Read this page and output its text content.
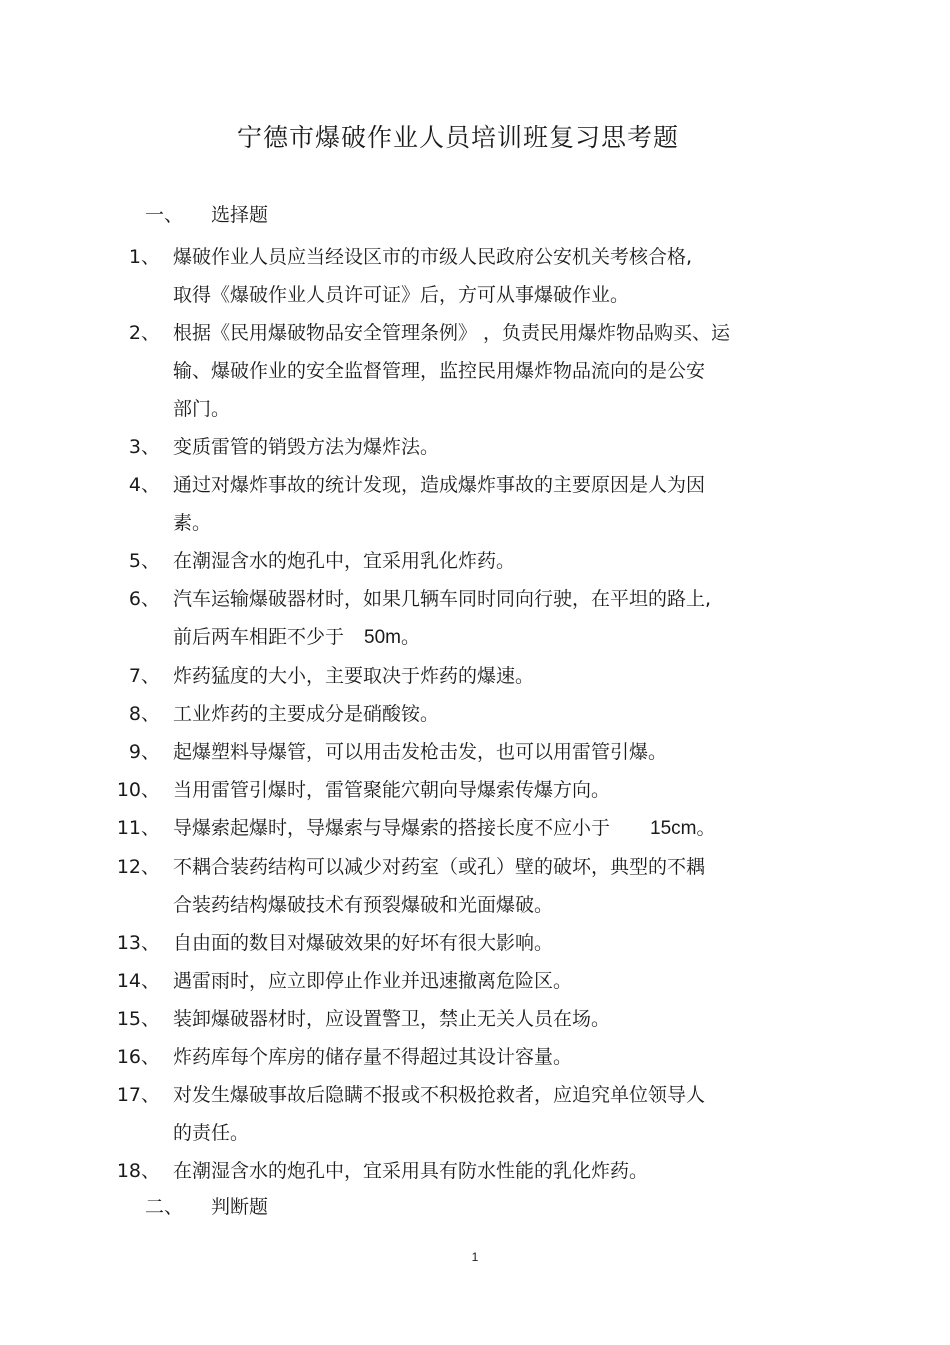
宁德市爆破作业人员培训班复习思考题
一、 选择题
1、 爆破作业人员应当经设区市的市级人民政府公安机关考核合格,
取得《爆破作业人员许可证》后，方可从事爆破作业。
2、 根据《民用爆破物品安全管理条例》 ，负责民用爆炸物品购买、运
输、爆破作业的安全监督管理，监控民用爆炸物品流向的是公安
部门。
3、 变质雷管的销毁方法为爆炸法。
4、 通过对爆炸事故的统计发现，造成爆炸事故的主要原因是人为因
素。
5、 在潮湿含水的炮孔中，宜采用乳化炸药。
6、 汽车运输爆破器材时，如果几辆车同时同向行驶，在平坦的路上,
前后两车相距不少于 50m。
7、 炸药猛度的大小，主要取决于炸药的爆速。
8、 工业炸药的主要成分是硝酸铵。
9、 起爆塑料导爆管，可以用击发枪击发，也可以用雷管引爆。
10、 当用雷管引爆时，雷管聚能穴朝向导爆索传爆方向。
11、 导爆索起爆时，导爆索与导爆索的搭接长度不应小于 15cm。
12、 不耦合装药结构可以减少对药室（或孔）壁的破坏，典型的不耦
合装药结构爆破技术有预裂爆破和光面爆破。
13、 自由面的数目对爆破效果的好坏有很大影响。
14、 遇雷雨时，应立即停止作业并迅速撤离危险区。
15、 装卸爆破器材时，应设置警卫，禁止无关人员在场。
16、 炸药库每个库房的储存量不得超过其设计容量。
17、 对发生爆破事故后隐瞒不报或不积极抢救者，应追究单位领导人
的责任。
18、 在潮湿含水的炮孔中，宜采用具有防水性能的乳化炸药。
二、 判断题
1
